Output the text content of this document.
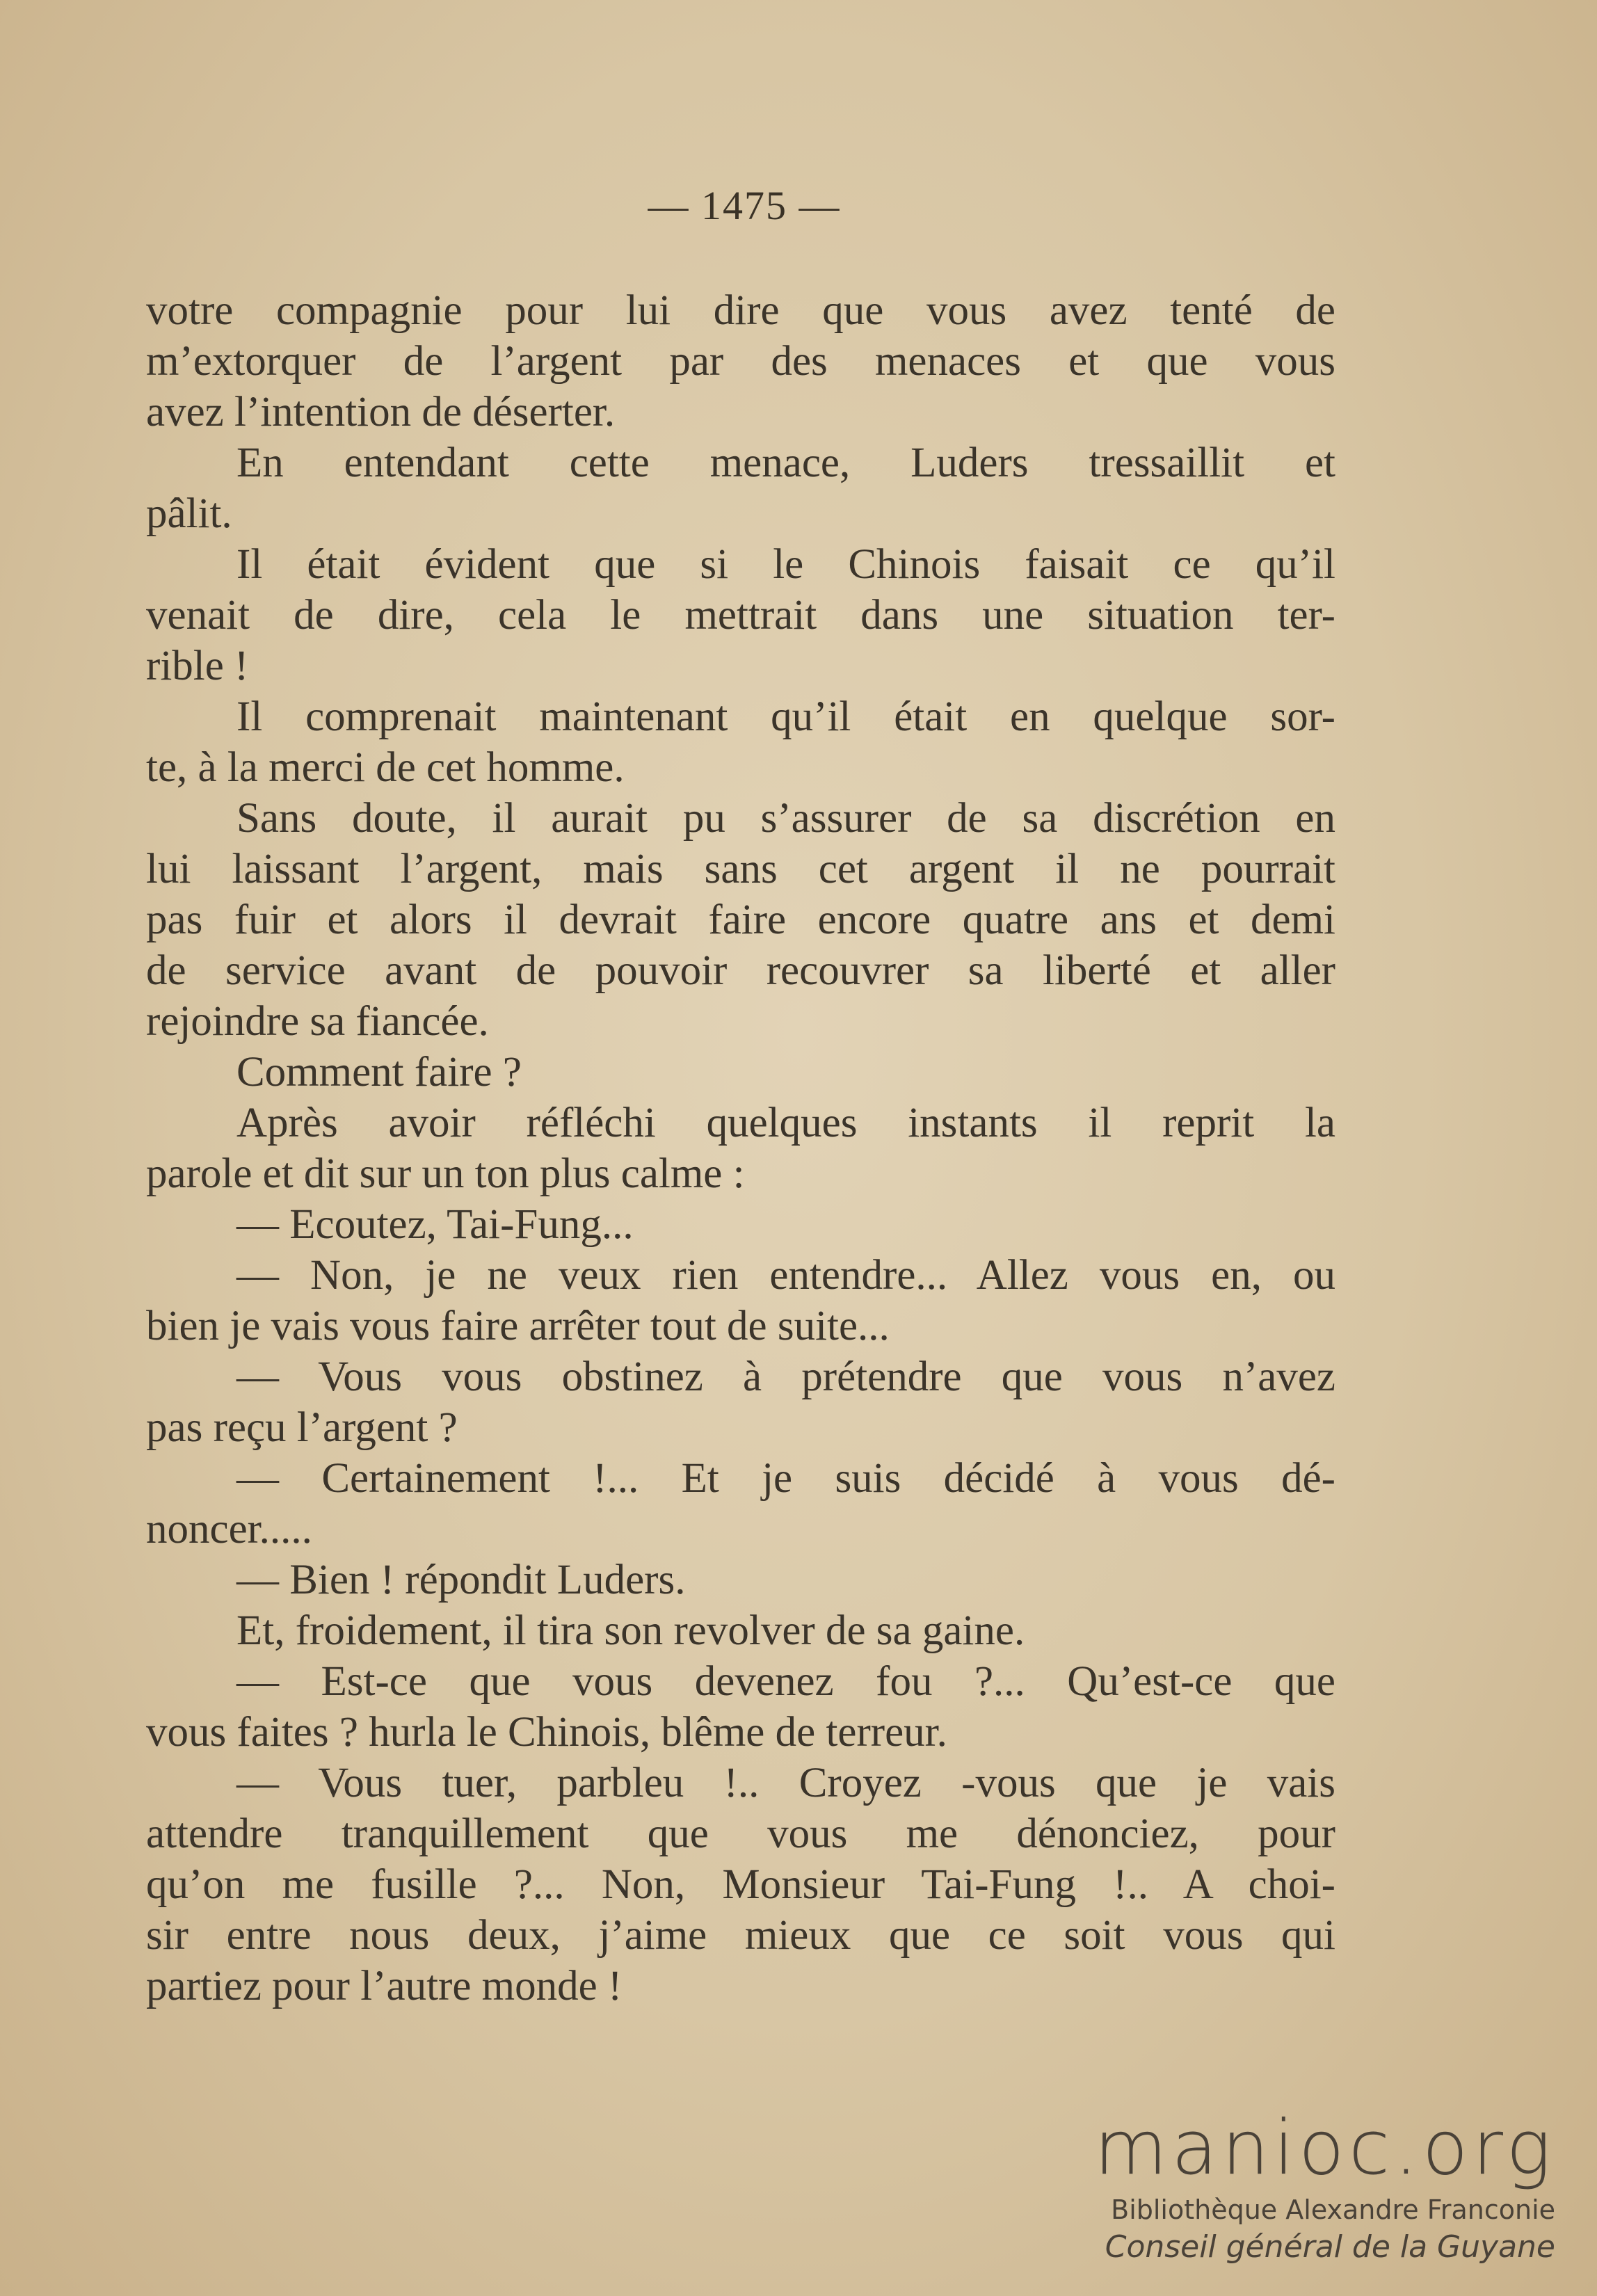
— 1475 —
votre compagnie pour lui dire que vous avez tenté de
m’extorquer de l’argent par des menaces et que vous
avez l’intention de déserter.
En entendant cette menace, Luders tressaillit et
pâlit.
Il était évident que si le Chinois faisait ce qu’il
venait de dire, cela le mettrait dans une situation ter-
rible !
Il comprenait maintenant qu’il était en quelque sor-
te, à la merci de cet homme.
Sans doute, il aurait pu s’assurer de sa discrétion en
lui laissant l’argent, mais sans cet argent il ne pourrait
pas fuir et alors il devrait faire encore quatre ans et demi
de service avant de pouvoir recouvrer sa liberté et aller
rejoindre sa fiancée.
Comment faire ?
Après avoir réfléchi quelques instants il reprit la
parole et dit sur un ton plus calme :
— Ecoutez, Tai-Fung...
— Non, je ne veux rien entendre... Allez vous en, ou
bien je vais vous faire arrêter tout de suite...
— Vous vous obstinez à prétendre que vous n’avez
pas reçu l’argent ?
— Certainement !... Et je suis décidé à vous dé-
noncer.....
— Bien ! répondit Luders.
Et, froidement, il tira son revolver de sa gaine.
— Est-ce que vous devenez fou ?... Qu’est-ce que
vous faites ? hurla le Chinois, blême de terreur.
— Vous tuer, parbleu !.. Croyez -vous que je vais
attendre tranquillement que vous me dénonciez, pour
qu’on me fusille ?... Non, Monsieur Tai-Fung !.. A choi-
sir entre nous deux, j’aime mieux que ce soit vous qui
partiez pour l’autre monde !
manioc.org
Bibliothèque Alexandre Franconie
Conseil général de la Guyane
